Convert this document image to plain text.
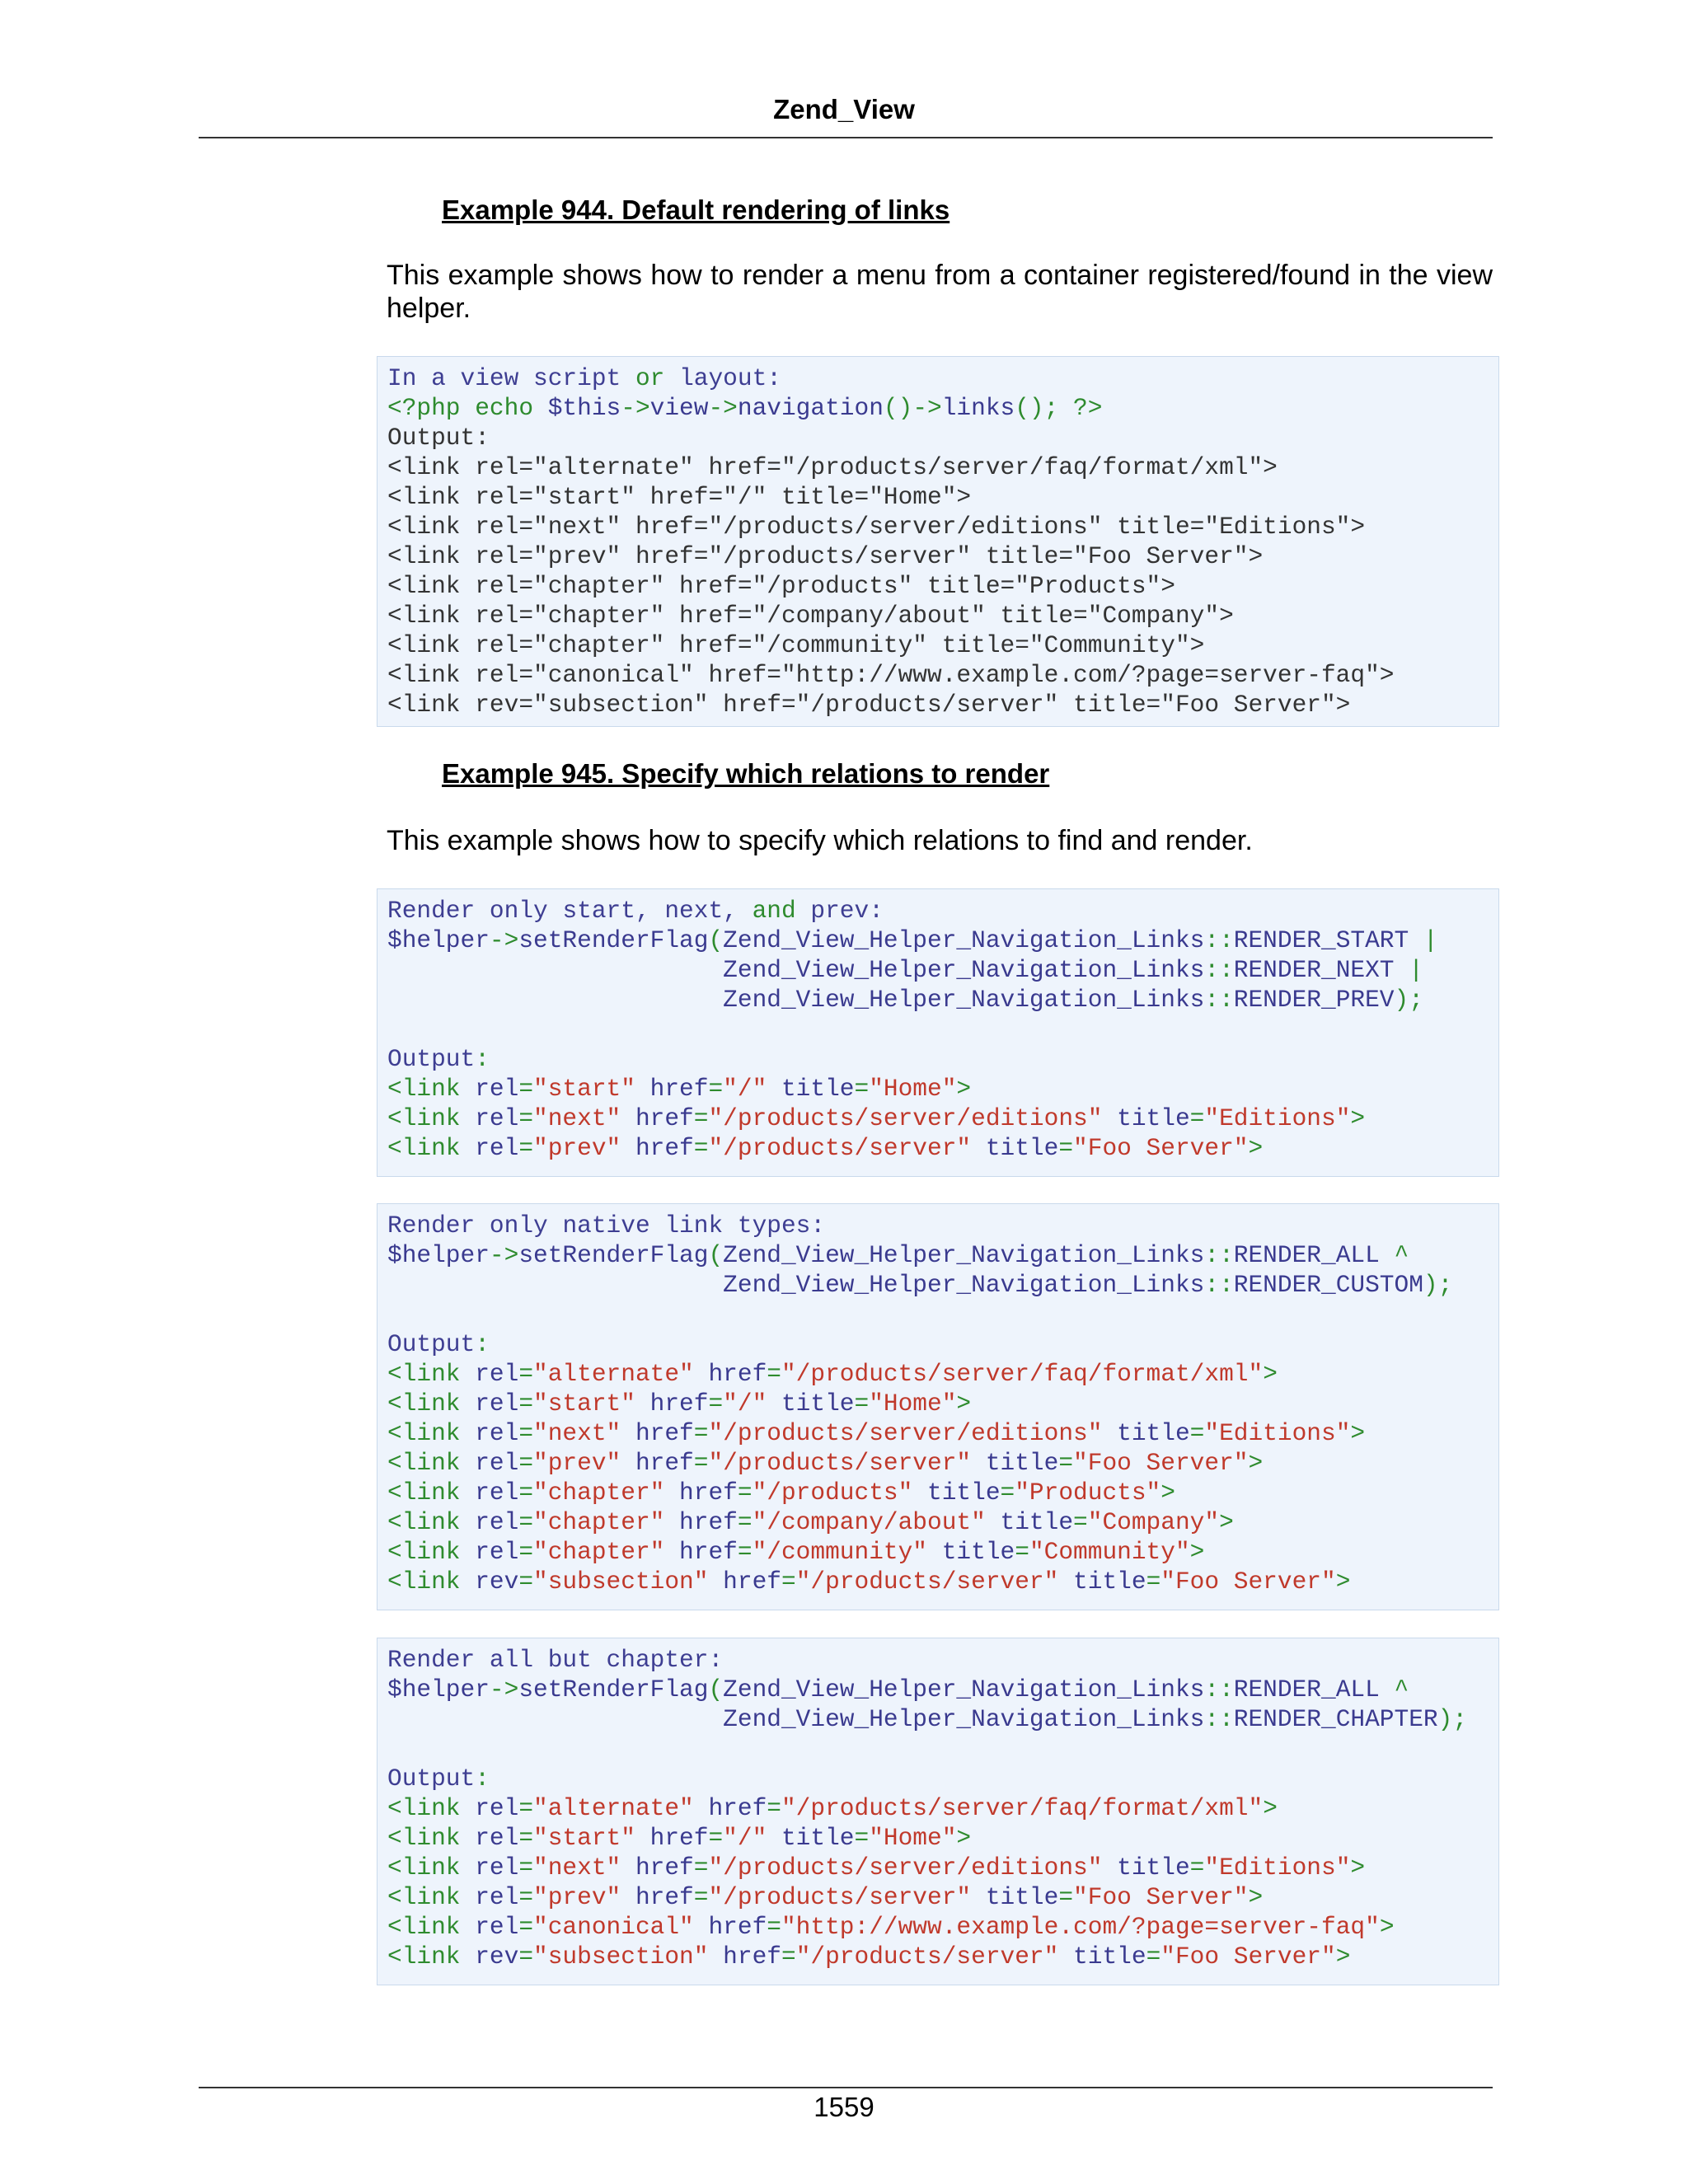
Zend_View
Example 944. Default rendering of links
This example shows how to render a menu from a container registered/found in the view helper.
In a view script or layout:
<?php echo $this->view->navigation()->links(); ?>
Output:
<link rel="alternate" href="/products/server/faq/format/xml">
<link rel="start" href="/" title="Home">
<link rel="next" href="/products/server/editions" title="Editions">
<link rel="prev" href="/products/server" title="Foo Server">
<link rel="chapter" href="/products" title="Products">
<link rel="chapter" href="/company/about" title="Company">
<link rel="chapter" href="/community" title="Community">
<link rel="canonical" href="http://www.example.com/?page=server-faq">
<link rev="subsection" href="/products/server" title="Foo Server">
Example 945. Specify which relations to render
This example shows how to specify which relations to find and render.
Render only start, next, and prev:
$helper->setRenderFlag(Zend_View_Helper_Navigation_Links::RENDER_START |
Zend_View_Helper_Navigation_Links::RENDER_NEXT |
Zend_View_Helper_Navigation_Links::RENDER_PREV);

Output:
<link rel="start" href="/" title="Home">
<link rel="next" href="/products/server/editions" title="Editions">
<link rel="prev" href="/products/server" title="Foo Server">
Render only native link types:
$helper->setRenderFlag(Zend_View_Helper_Navigation_Links::RENDER_ALL ^
Zend_View_Helper_Navigation_Links::RENDER_CUSTOM);

Output:
<link rel="alternate" href="/products/server/faq/format/xml">
<link rel="start" href="/" title="Home">
<link rel="next" href="/products/server/editions" title="Editions">
<link rel="prev" href="/products/server" title="Foo Server">
<link rel="chapter" href="/products" title="Products">
<link rel="chapter" href="/company/about" title="Company">
<link rel="chapter" href="/community" title="Community">
<link rev="subsection" href="/products/server" title="Foo Server">
Render all but chapter:
$helper->setRenderFlag(Zend_View_Helper_Navigation_Links::RENDER_ALL ^
Zend_View_Helper_Navigation_Links::RENDER_CHAPTER);

Output:
<link rel="alternate" href="/products/server/faq/format/xml">
<link rel="start" href="/" title="Home">
<link rel="next" href="/products/server/editions" title="Editions">
<link rel="prev" href="/products/server" title="Foo Server">
<link rel="canonical" href="http://www.example.com/?page=server-faq">
<link rev="subsection" href="/products/server" title="Foo Server">
1559
